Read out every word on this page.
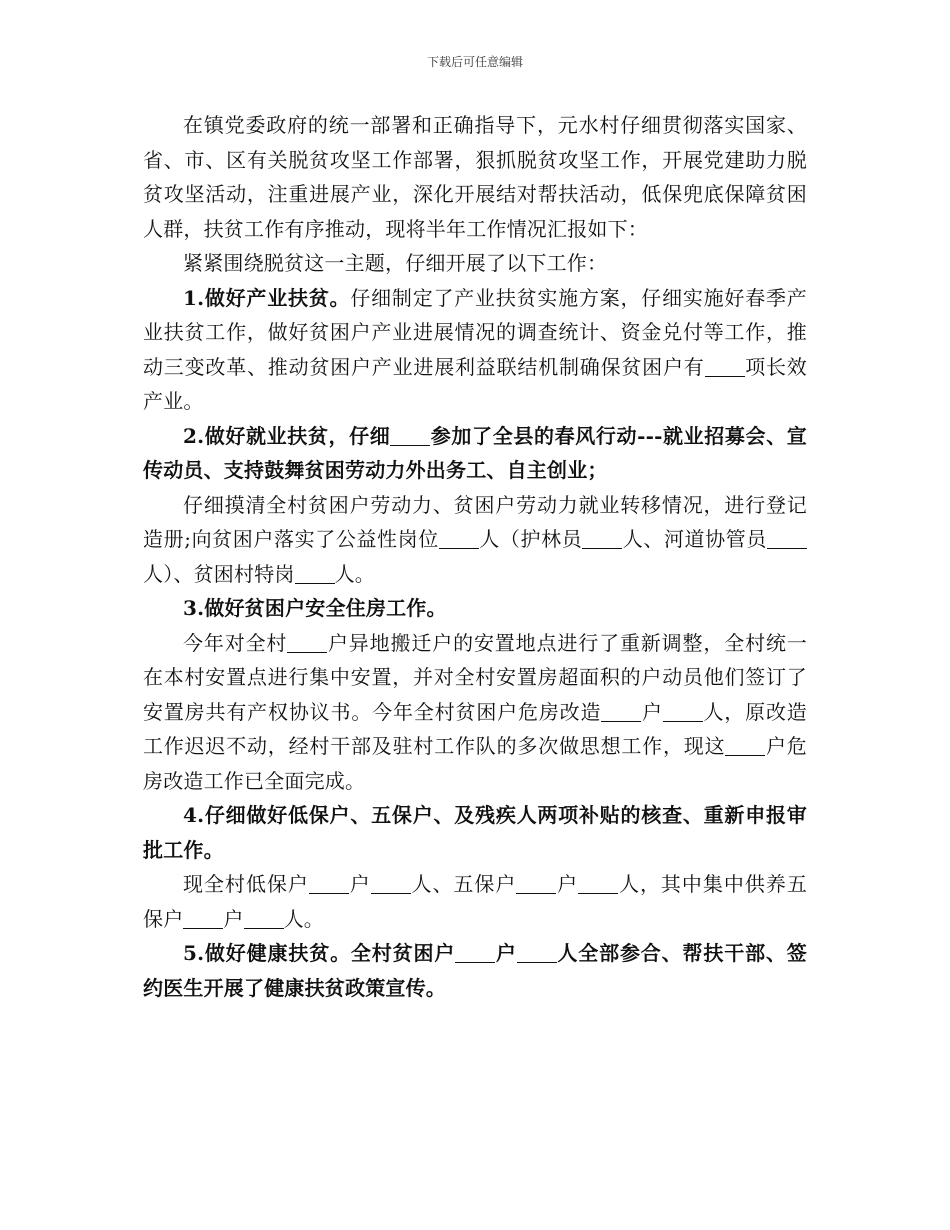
下载后可任意编辑

在镇党委政府的统一部署和正确指导下，元水村仔细贯彻落实国家、省、市、区有关脱贫攻坚工作部署，狠抓脱贫攻坚工作，开展党建助力脱贫攻坚活动，注重进展产业，深化开展结对帮扶活动，低保兜底保障贫困人群，扶贫工作有序推动，现将半年工作情况汇报如下：

紧紧围绕脱贫这一主题，仔细开展了以下工作：

1.做好产业扶贫。仔细制定了产业扶贫实施方案，仔细实施好春季产业扶贫工作，做好贫困户产业进展情况的调查统计、资金兑付等工作，推动三变改革、推动贫困户产业进展利益联结机制确保贫困户有 项长效产业。

2.做好就业扶贫，仔细 参加了全县的春风行动---就业招募会、宣传动员、支持鼓舞贫困劳动力外出务工、自主创业；

仔细摸清全村贫困户劳动力、贫困户劳动力就业转移情况，进行登记造册;向贫困户落实了公益性岗位 人（护林员 人、河道协管员人）、贫困村特岗 人。

3.做好贫困户安全住房工作。

今年对全村 户异地搬迁户的安置地点进行了重新调整，全村统一在本村安置点进行集中安置，并对全村安置房超面积的户动员他们签订了安置房共有产权协议书。今年全村贫困户危房改造 户 人，原改造工作迟迟不动，经村干部及驻村工作队的多次做思想工作，现这 户危房改造工作已全面完成。

4.仔细做好低保户、五保户、及残疾人两项补贴的核查、重新申报审批工作。

现全村低保户 户 人、五保户 户 人，其中集中供养五保户 户 人。

5.做好健康扶贫。全村贫困户 户 人全部参合、帮扶干部、签约医生开展了健康扶贫政策宣传。
